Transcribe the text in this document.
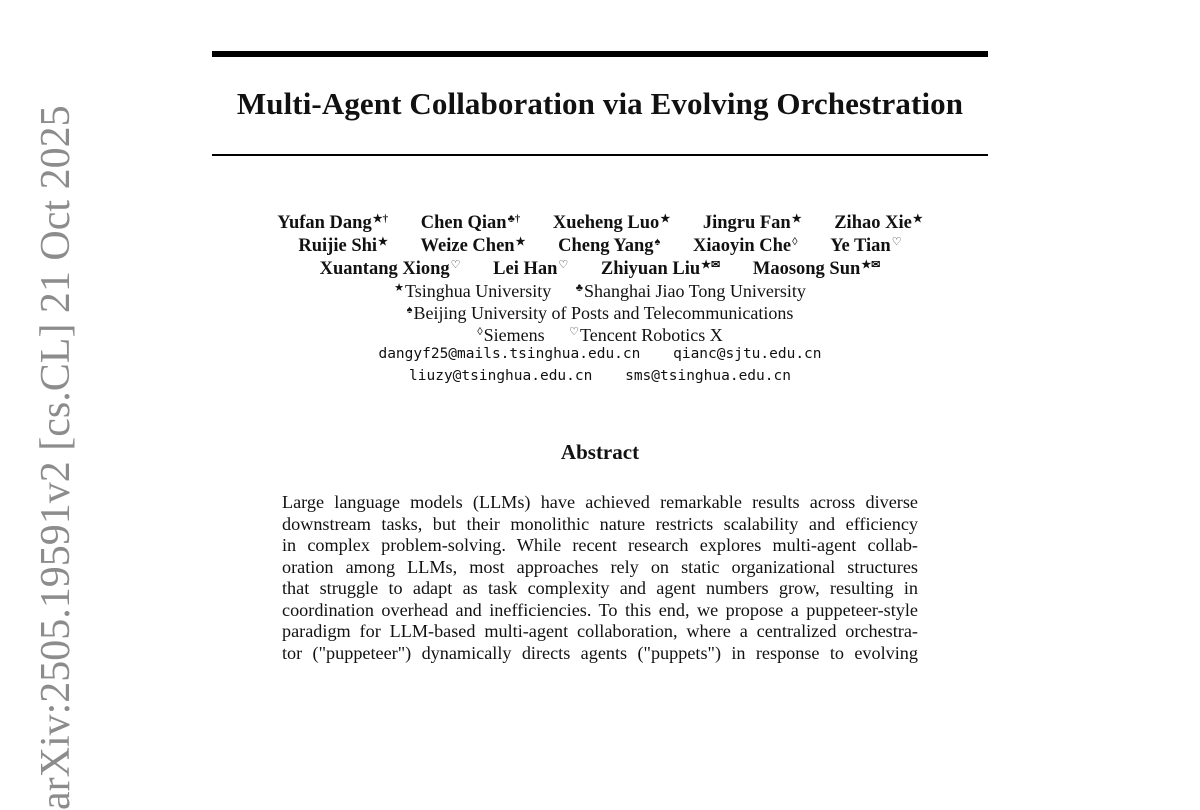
Multi-Agent Collaboration via Evolving Orchestration
Yufan Dang★† Chen Qian♣† Xueheng Luo★ Jingru Fan★ Zihao Xie★
Ruijie Shi★ Weize Chen★ Cheng Yang♠ Xiaoyin Che◊ Ye Tian♡
Xuantang Xiong♡ Lei Han♡ Zhiyuan Liu★✉ Maosong Sun★✉
★Tsinghua University ♣Shanghai Jiao Tong University
♠Beijing University of Posts and Telecommunications
◊Siemens ♡Tencent Robotics X
dangyf25@mails.tsinghua.edu.cn qianc@sjtu.edu.cn
liuzy@tsinghua.edu.cn sms@tsinghua.edu.cn
Abstract
Large language models (LLMs) have achieved remarkable results across diverse
downstream tasks, but their monolithic nature restricts scalability and efficiency
in complex problem-solving. While recent research explores multi-agent collab-
oration among LLMs, most approaches rely on static organizational structures
that struggle to adapt as task complexity and agent numbers grow, resulting in
coordination overhead and inefficiencies. To this end, we propose a puppeteer-style
paradigm for LLM-based multi-agent collaboration, where a centralized orchestra-
tor ("puppeteer") dynamically directs agents ("puppets") in response to evolving
arXiv:2505.19591v2 [cs.CL] 21 Oct 2025
